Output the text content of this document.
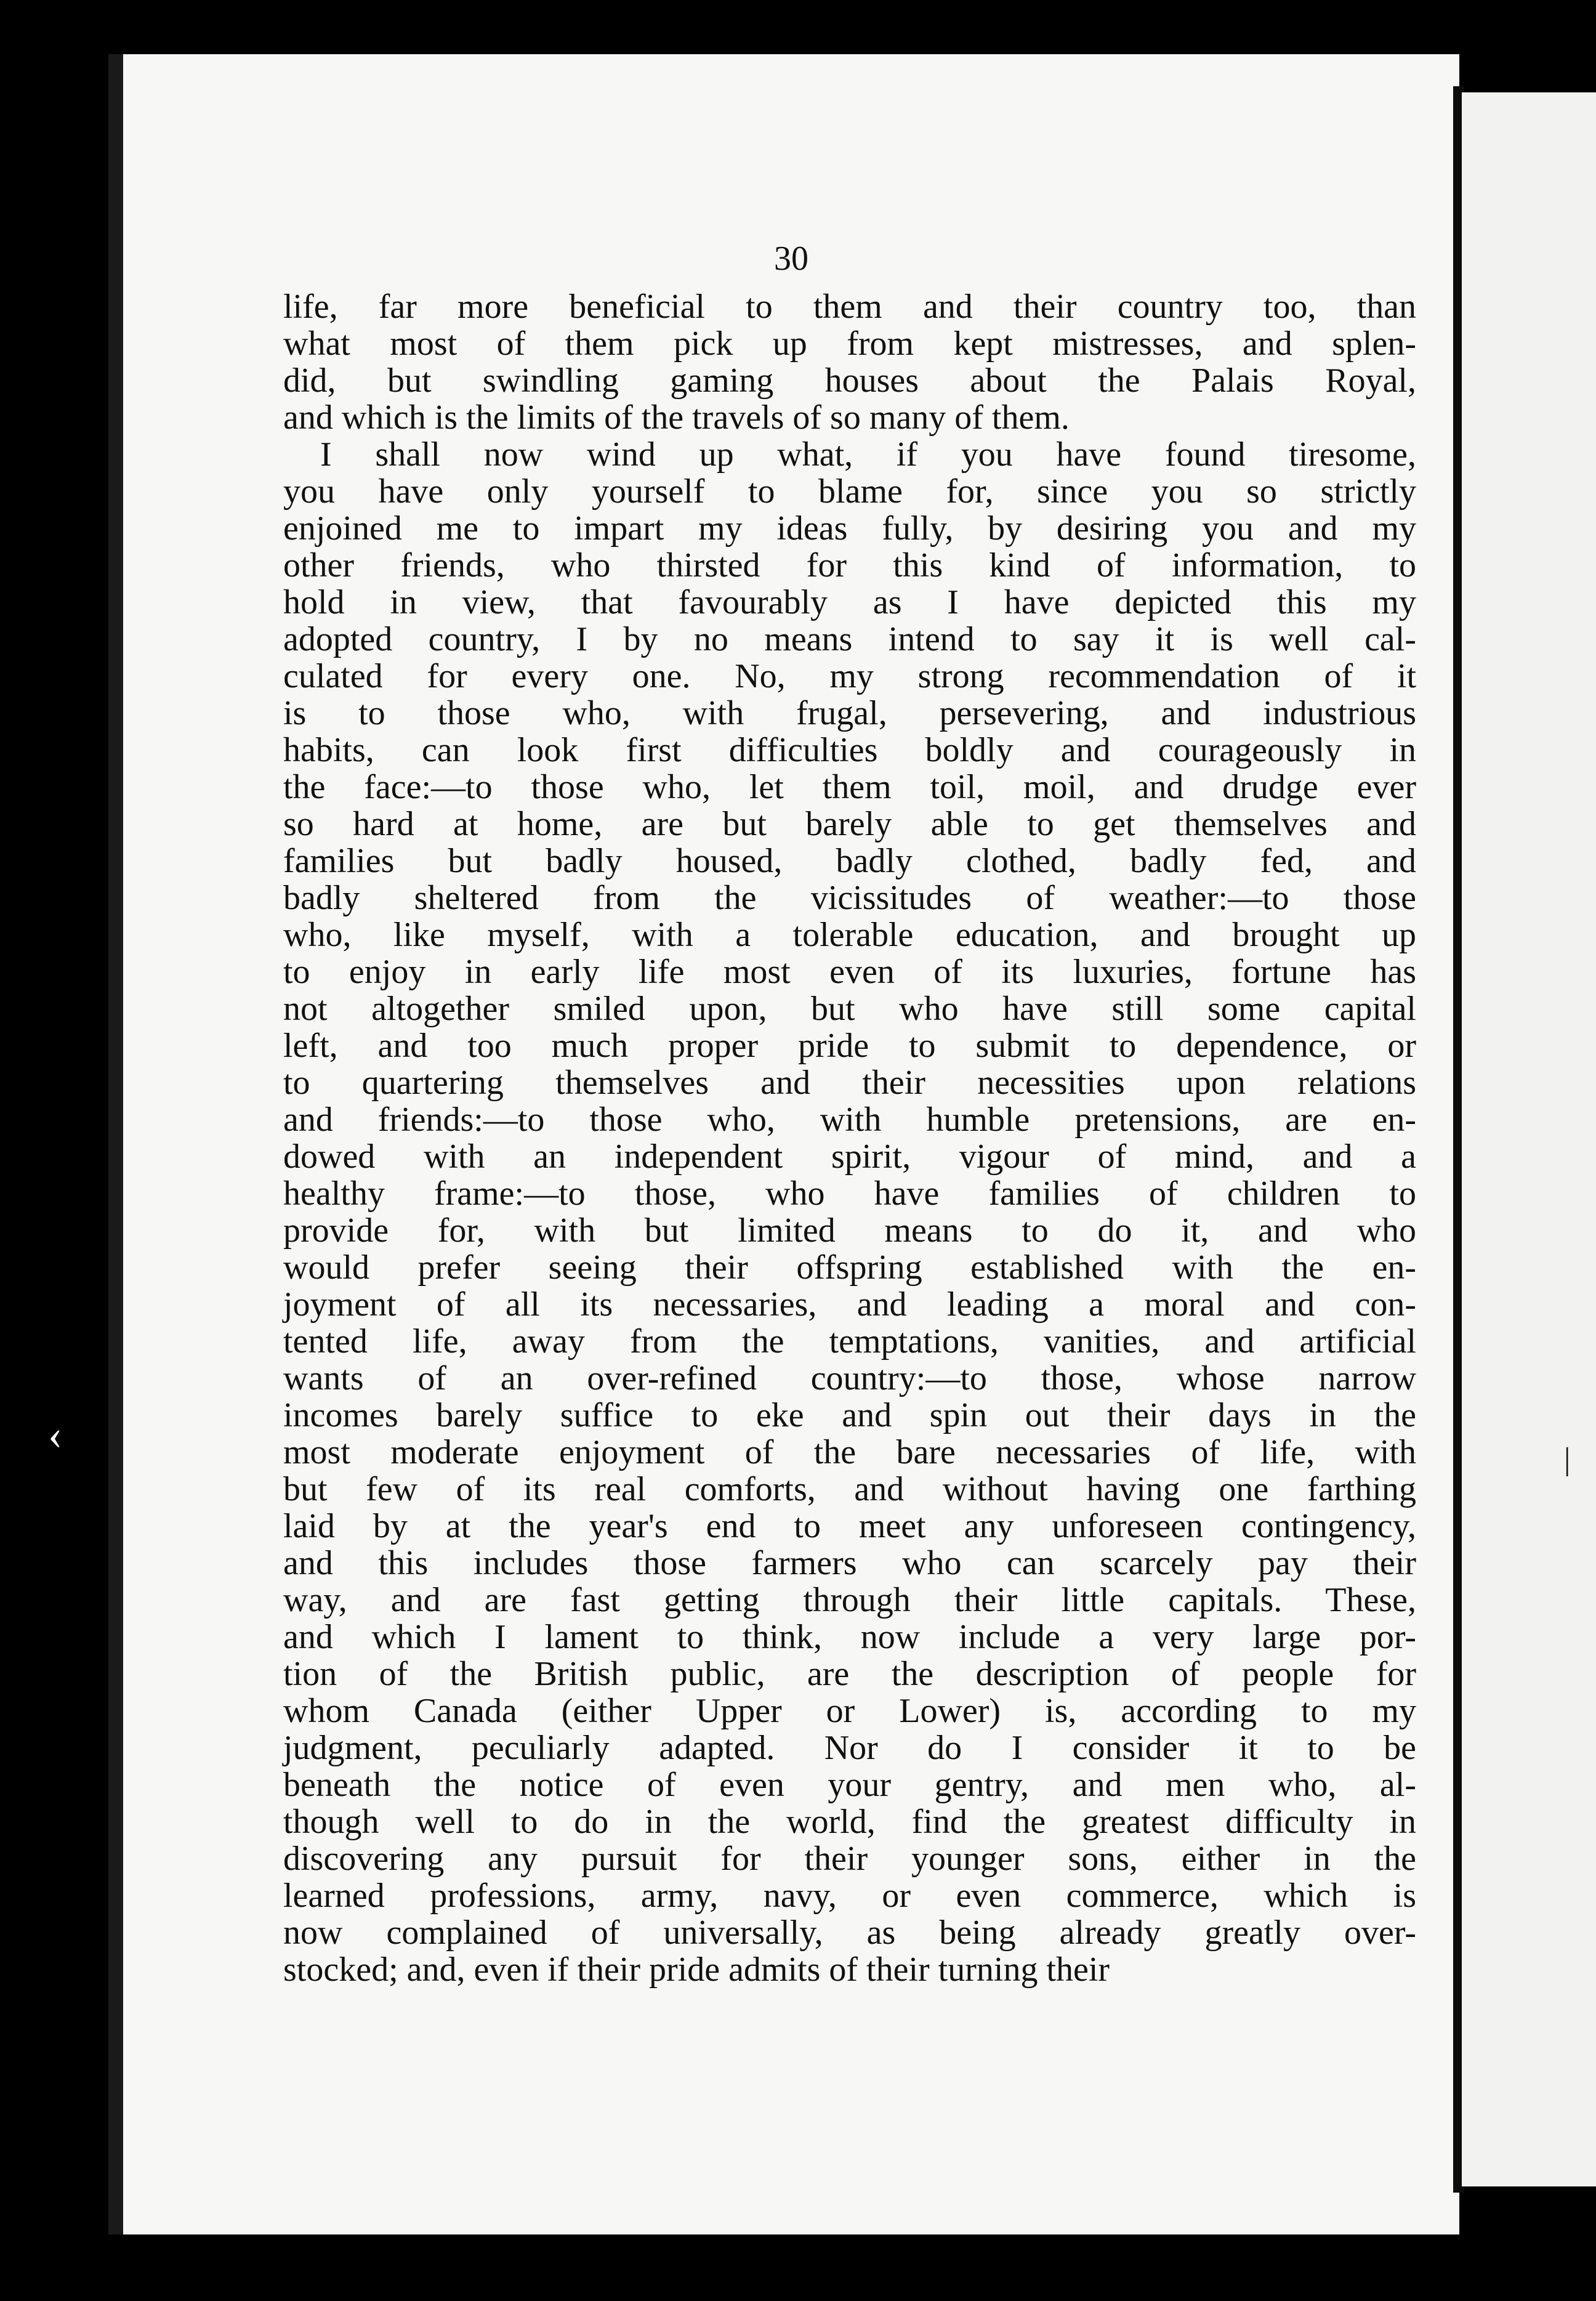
30
life, far more beneficial to them and their country too, than
what most of them pick up from kept mistresses, and splen-
did, but swindling gaming houses about the Palais Royal,
and which is the limits of the travels of so many of them.
I shall now wind up what, if you have found tiresome,
you have only yourself to blame for, since you so strictly
enjoined me to impart my ideas fully, by desiring you and my
other friends, who thirsted for this kind of information, to
hold in view, that favourably as I have depicted this my
adopted country, I by no means intend to say it is well cal-
culated for every one. No, my strong recommendation of it
is to those who, with frugal, persevering, and industrious
habits, can look first difficulties boldly and courageously in
the face:—to those who, let them toil, moil, and drudge ever
so hard at home, are but barely able to get themselves and
families but badly housed, badly clothed, badly fed, and
badly sheltered from the vicissitudes of weather:—to those
who, like myself, with a tolerable education, and brought up
to enjoy in early life most even of its luxuries, fortune has
not altogether smiled upon, but who have still some capital
left, and too much proper pride to submit to dependence, or
to quartering themselves and their necessities upon relations
and friends:—to those who, with humble pretensions, are en-
dowed with an independent spirit, vigour of mind, and a
healthy frame:—to those, who have families of children to
provide for, with but limited means to do it, and who
would prefer seeing their offspring established with the en-
joyment of all its necessaries, and leading a moral and con-
tented life, away from the temptations, vanities, and artificial
wants of an over-refined country:—to those, whose narrow
incomes barely suffice to eke and spin out their days in the
most moderate enjoyment of the bare necessaries of life, with
but few of its real comforts, and without having one farthing
laid by at the year's end to meet any unforeseen contingency,
and this includes those farmers who can scarcely pay their
way, and are fast getting through their little capitals. These,
and which I lament to think, now include a very large por-
tion of the British public, are the description of people for
whom Canada (either Upper or Lower) is, according to my
judgment, peculiarly adapted. Nor do I consider it to be
beneath the notice of even your gentry, and men who, al-
though well to do in the world, find the greatest difficulty in
discovering any pursuit for their younger sons, either in the
learned professions, army, navy, or even commerce, which is
now complained of universally, as being already greatly over-
stocked; and, even if their pride admits of their turning their
‹
|
